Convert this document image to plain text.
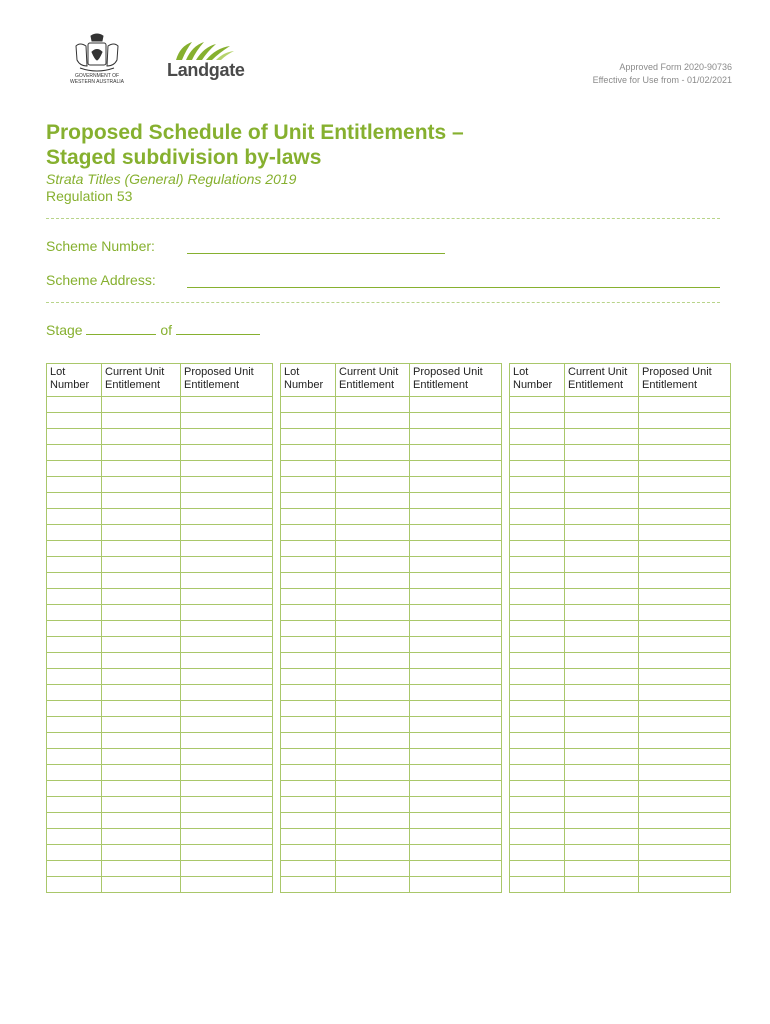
GOVERNMENT OF
WESTERN AUSTRALIA
Landgate	Approved Form 2020-90736
Effective for Use from - 01/02/2021
Proposed Schedule of Unit Entitlements –
Staged subdivision by-laws
Strata Titles (General) Regulations 2019
Regulation 53
Scheme Number:
Scheme Address:
Stage	of
Lot Number	Current Unit Entitlement	Proposed Unit Entitlement

Lot Number	Current Unit Entitlement	Proposed Unit Entitlement

Lot Number	Current Unit Entitlement	Proposed Unit Entitlement
